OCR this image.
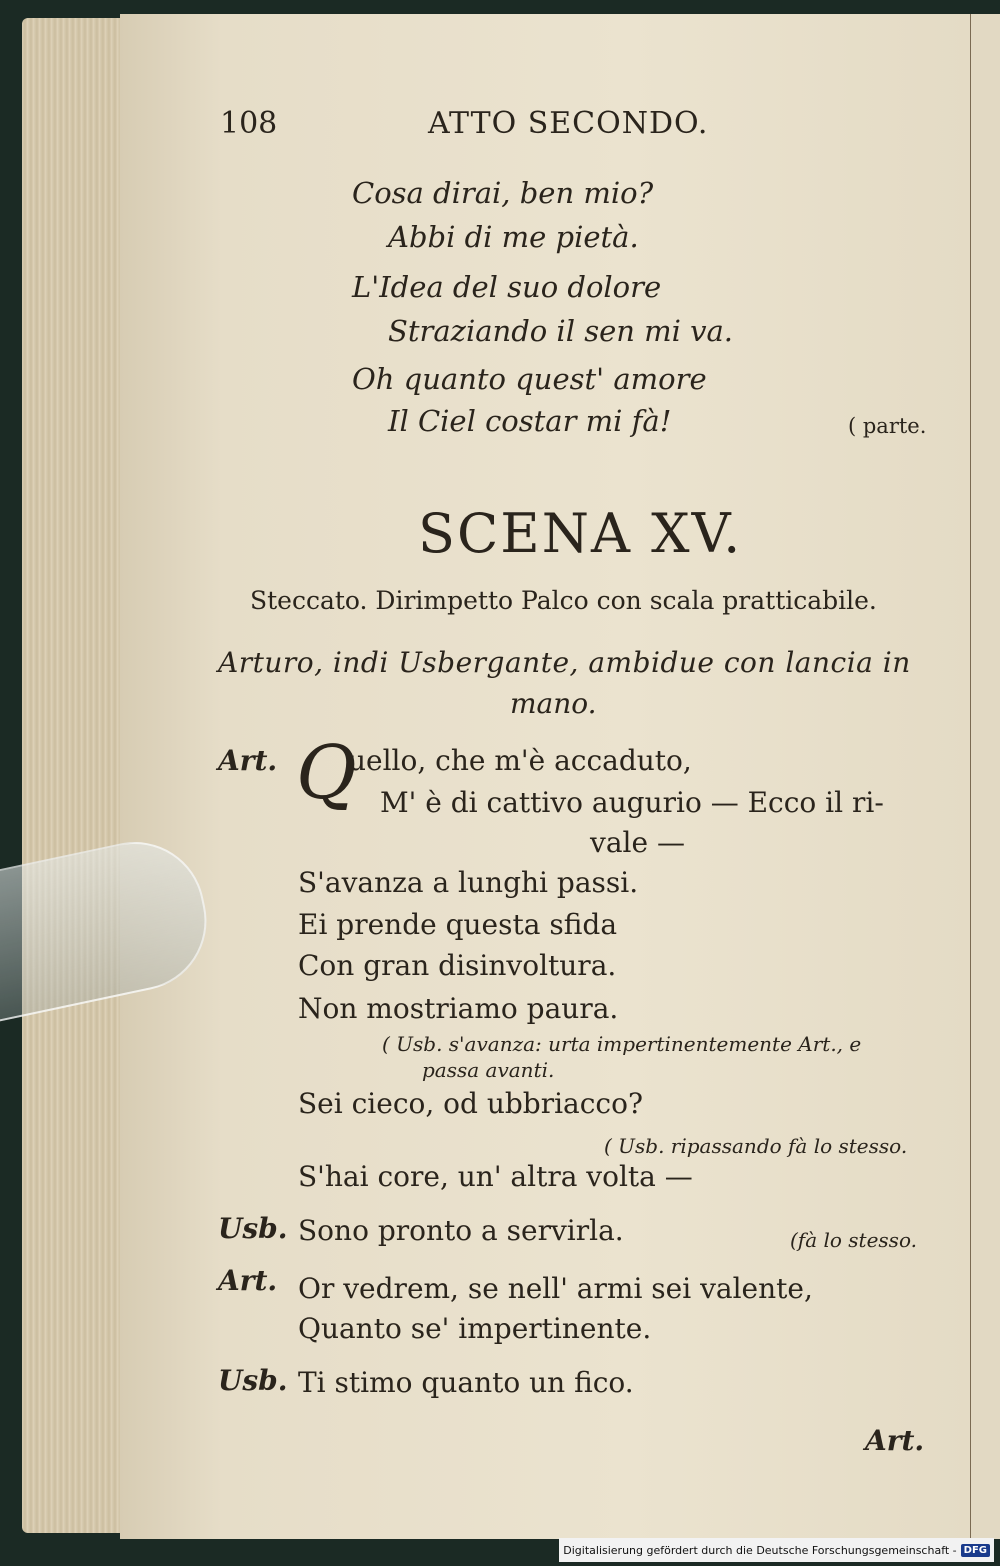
108	ATTO SECONDO.
Cosa dirai, ben mio?
Abbi di me pietà.
L'Idea del suo dolore
Straziando il sen mi va.
Oh quanto quest' amore
Il Ciel costar mi fà!	( parte.
SCENA XV.
Steccato. Dirimpetto Palco con scala pratticabile.
Arturo, indi Usbergante, ambidue con lancia in
mano.
Art. Q
uello, che m'è accaduto,
M' è di cattivo augurio — Ecco il ri-
vale —
S'avanza a lunghi passi.
Ei prende questa sfida
Con gran disinvoltura.
Non mostriamo paura.
( Usb. s'avanza: urta impertinentemente Art., e
passa avanti.
Sei cieco, od ubbriacco?
( Usb. ripassando fà lo stesso.
S'hai core, un' altra volta —
Usb. Sono pronto a servirla.	(fà lo stesso.
Art. Or vedrem, se nell' armi sei valente,
Quanto se' impertinente.
Usb. Ti stimo quanto un fico.
Art.
Digitalisierung gefördert durch die Deutsche Forschungsgemeinschaft - DFG
